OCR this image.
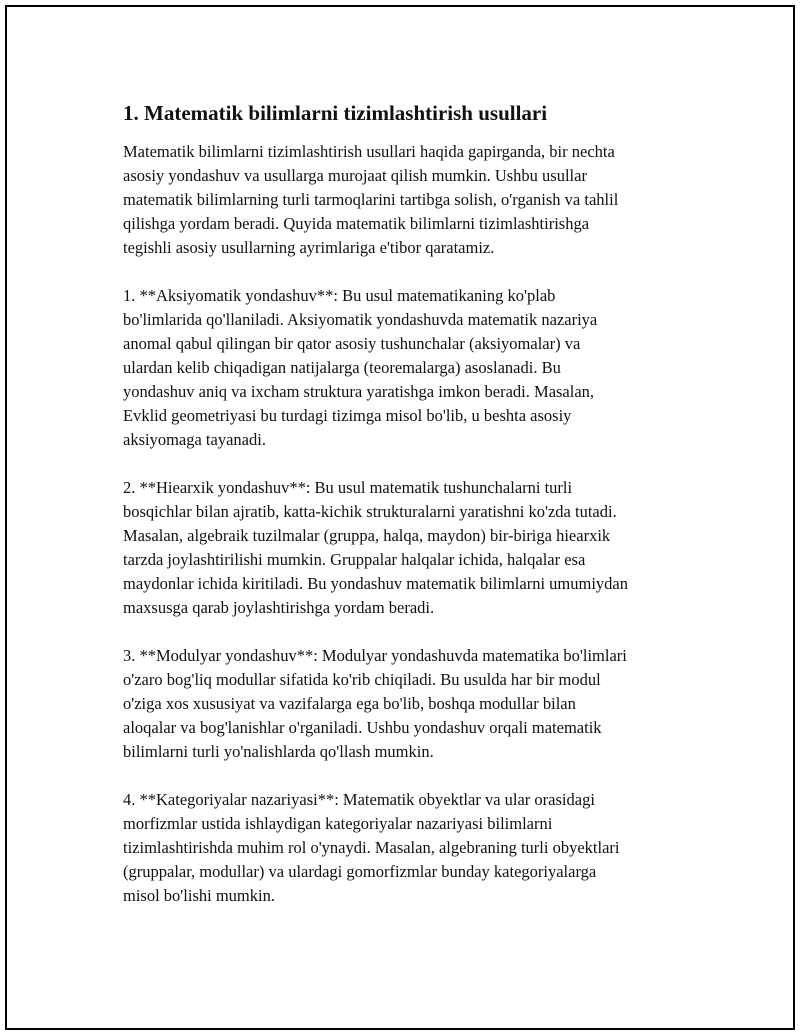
1. Matematik bilimlarni tizimlashtirish usullari

Matematik bilimlarni tizimlashtirish usullari haqida gapirganda, bir nechta
asosiy yondashuv va usullarga murojaat qilish mumkin. Ushbu usullar
matematik bilimlarning turli tarmoqlarini tartibga solish, o'rganish va tahlil
qilishga yordam beradi. Quyida matematik bilimlarni tizimlashtirishga
tegishli asosiy usullarning ayrimlariga e'tibor qaratamiz.

1. **Aksiyomatik yondashuv**: Bu usul matematikaning ko'plab
bo'limlarida qo'llaniladi. Aksiyomatik yondashuvda matematik nazariya
anomal qabul qilingan bir qator asosiy tushunchalar (aksiyomalar) va
ulardan kelib chiqadigan natijalarga (teoremalarga) asoslanadi. Bu
yondashuv aniq va ixcham struktura yaratishga imkon beradi. Masalan,
Evklid geometriyasi bu turdagi tizimga misol bo'lib, u beshta asosiy
aksiyomaga tayanadi.

2. **Hiearxik yondashuv**: Bu usul matematik tushunchalarni turli
bosqichlar bilan ajratib, katta-kichik strukturalarni yaratishni ko'zda tutadi.
Masalan, algebraik tuzilmalar (gruppa, halqa, maydon) bir-biriga hiearxik
tarzda joylashtirilishi mumkin. Gruppalar halqalar ichida, halqalar esa
maydonlar ichida kiritiladi. Bu yondashuv matematik bilimlarni umumiydan
maxsusga qarab joylashtirishga yordam beradi.

3. **Modulyar yondashuv**: Modulyar yondashuvda matematika bo'limlari
o'zaro bog'liq modullar sifatida ko'rib chiqiladi. Bu usulda har bir modul
o'ziga xos xususiyat va vazifalarga ega bo'lib, boshqa modullar bilan
aloqalar va bog'lanishlar o'rganiladi. Ushbu yondashuv orqali matematik
bilimlarni turli yo'nalishlarda qo'llash mumkin.

4. **Kategoriyalar nazariyasi**: Matematik obyektlar va ular orasidagi
morfizmlar ustida ishlaydigan kategoriyalar nazariyasi bilimlarni
tizimlashtirishda muhim rol o'ynaydi. Masalan, algebraning turli obyektlari
(gruppalar, modullar) va ulardagi gomorfizmlar bunday kategoriyalarga
misol bo'lishi mumkin.
